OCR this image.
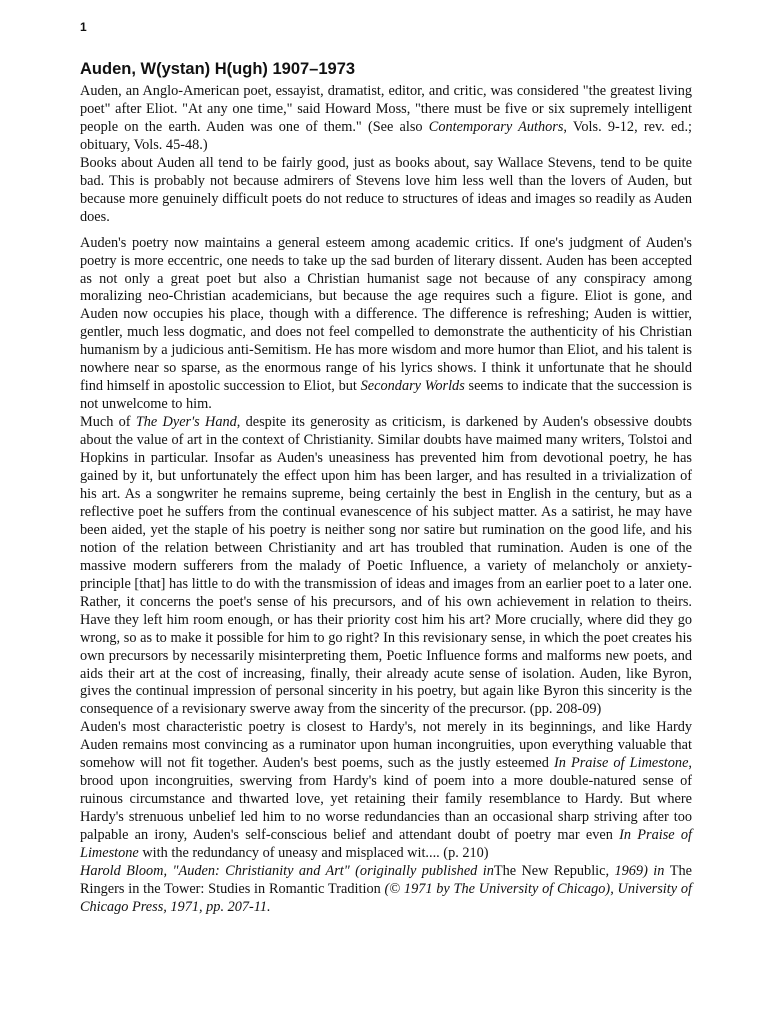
1
Auden, W(ystan) H(ugh) 1907–1973

Auden, an Anglo-American poet, essayist, dramatist, editor, and critic, was considered "the greatest living poet" after Eliot. "At any one time," said Howard Moss, "there must be five or six supremely intelligent people on the earth. Auden was one of them." (See also Contemporary Authors, Vols. 9-12, rev. ed.; obituary, Vols. 45-48.)

Books about Auden all tend to be fairly good, just as books about, say Wallace Stevens, tend to be quite bad. This is probably not because admirers of Stevens love him less well than the lovers of Auden, but because more genuinely difficult poets do not reduce to structures of ideas and images so readily as Auden does.

Auden's poetry now maintains a general esteem among academic critics. If one's judgment of Auden's poetry is more eccentric, one needs to take up the sad burden of literary dissent. Auden has been accepted as not only a great poet but also a Christian humanist sage not because of any conspiracy among moralizing neo-Christian academicians, but because the age requires such a figure. Eliot is gone, and Auden now occupies his place, though with a difference. The difference is refreshing; Auden is wittier, gentler, much less dogmatic, and does not feel compelled to demonstrate the authenticity of his Christian humanism by a judicious anti-Semitism. He has more wisdom and more humor than Eliot, and his talent is nowhere near so sparse, as the enormous range of his lyrics shows. I think it unfortunate that he should find himself in apostolic succession to Eliot, but Secondary Worlds seems to indicate that the succession is not unwelcome to him.

Much of The Dyer's Hand, despite its generosity as criticism, is darkened by Auden's obsessive doubts about the value of art in the context of Christianity. Similar doubts have maimed many writers, Tolstoi and Hopkins in particular. Insofar as Auden's uneasiness has prevented him from devotional poetry, he has gained by it, but unfortunately the effect upon him has been larger, and has resulted in a trivialization of his art. As a songwriter he remains supreme, being certainly the best in English in the century, but as a reflective poet he suffers from the continual evanescence of his subject matter. As a satirist, he may have been aided, yet the staple of his poetry is neither song nor satire but rumination on the good life, and his notion of the relation between Christianity and art has troubled that rumination. Auden is one of the massive modern sufferers from the malady of Poetic Influence, a variety of melancholy or anxiety-principle [that] has little to do with the transmission of ideas and images from an earlier poet to a later one. Rather, it concerns the poet's sense of his precursors, and of his own achievement in relation to theirs. Have they left him room enough, or has their priority cost him his art? More crucially, where did they go wrong, so as to make it possible for him to go right? In this revisionary sense, in which the poet creates his own precursors by necessarily misinterpreting them, Poetic Influence forms and malforms new poets, and aids their art at the cost of increasing, finally, their already acute sense of isolation. Auden, like Byron, gives the continual impression of personal sincerity in his poetry, but again like Byron this sincerity is the consequence of a revisionary swerve away from the sincerity of the precursor. (pp. 208-09)

Auden's most characteristic poetry is closest to Hardy's, not merely in its beginnings, and like Hardy Auden remains most convincing as a ruminator upon human incongruities, upon everything valuable that somehow will not fit together. Auden's best poems, such as the justly esteemed In Praise of Limestone, brood upon incongruities, swerving from Hardy's kind of poem into a more double-natured sense of ruinous circumstance and thwarted love, yet retaining their family resemblance to Hardy. But where Hardy's strenuous unbelief led him to no worse redundancies than an occasional sharp striving after too palpable an irony, Auden's self-conscious belief and attendant doubt of poetry mar even In Praise of Limestone with the redundancy of uneasy and misplaced wit.... (p. 210)

Harold Bloom, "Auden: Christianity and Art" (originally published inThe New Republic, 1969) in The Ringers in the Tower: Studies in Romantic Tradition (© 1971 by The University of Chicago), University of Chicago Press, 1971, pp. 207-11.
